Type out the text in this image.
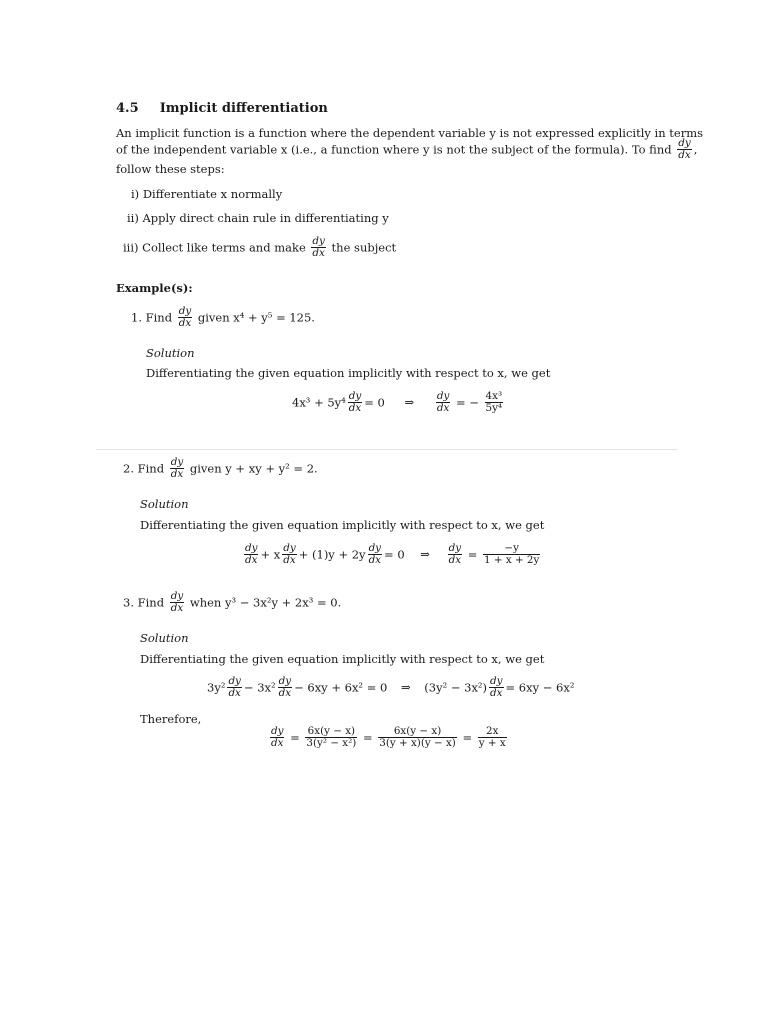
4.5 Implicit differentiation
An implicit function is a function where the dependent variable y is not expressed explicitly in terms
of the independent variable x (i.e., a function where y is not the subject of the formula). To find $\frac{dy}{dx}$ ,
follow these steps:
i) Differentiate x normally
ii) Apply direct chain rule in differentiating y
iii) Collect like terms and make $\frac{dy}{dx}$ the subject
Example(s):
1. Find $\frac{dy}{dx}$ given x⁴ + y⁵ = 125.
Solution
Differentiating the given equation implicitly with respect to x, we get
$4x^3 + 5y^4 \frac{dy}{dx} = 0$ ⇒ $\frac{dy}{dx}$ = − $\frac{\text{4x³}}{\text{5y⁴}}$
2. Find $\frac{dy}{dx}$ given y + xy + y² = 2.
Solution
Differentiating the given equation implicitly with respect to x, we get
$\frac{dy}{dx} + x \frac{dy}{dx} + (1)y + 2y \frac{dy}{dx} = 0$ ⇒ $\frac{dy}{dx} = \frac{-y}{1 + x + 2y}$
3. Find $\frac{dy}{dx}$ when y³ − 3x²y + 2x³ = 0.
Solution
Differentiating the given equation implicitly with respect to x, we get
$3y^2 \frac{dy}{dx} - 3x^2 \frac{dy}{dx} - 6xy + 6x^2 = 0$ ⇒ $(3y^2 - 3x^2) \frac{dy}{dx} = 6xy - 6x^2$
Therefore,
$\frac{dy}{dx} = \frac{6x(y - x)}{\text{3(y² − x²)}} = \frac{6x(y - x)}{3(y + x)(y - x)} = \frac{2x}{y + x}$
